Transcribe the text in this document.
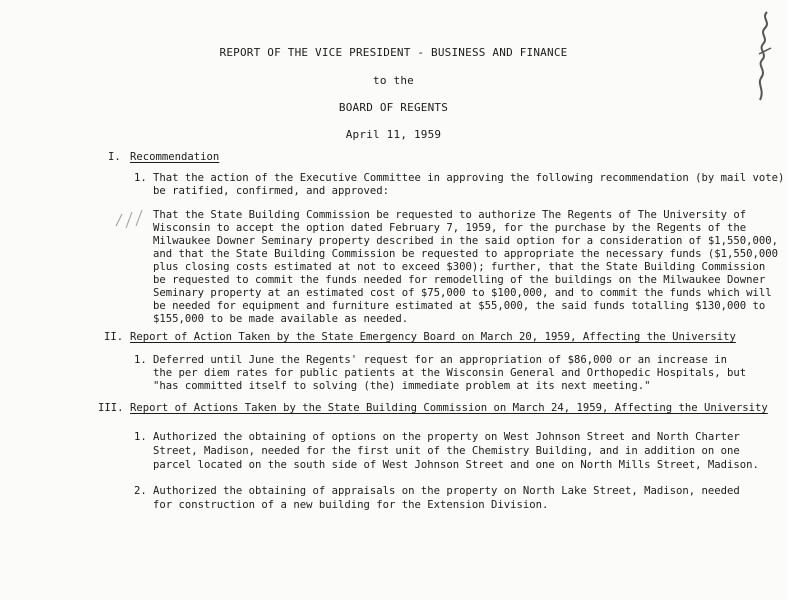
REPORT OF THE VICE PRESIDENT - BUSINESS AND FINANCE
to the
BOARD OF REGENTS
April 11, 1959
I. Recommendation
1. That the action of the Executive Committee in approving the following recommendation (by mail vote)
be ratified, confirmed, and approved:
That the State Building Commission be requested to authorize The Regents of The University of
Wisconsin to accept the option dated February 7, 1959, for the purchase by the Regents of the
Milwaukee Downer Seminary property described in the said option for a consideration of $1,550,000,
and that the State Building Commission be requested to appropriate the necessary funds ($1,550,000
plus closing costs estimated at not to exceed $300); further, that the State Building Commission
be requested to commit the funds needed for remodelling of the buildings on the Milwaukee Downer
Seminary property at an estimated cost of $75,000 to $100,000, and to commit the funds which will
be needed for equipment and furniture estimated at $55,000, the said funds totalling $130,000 to
$155,000 to be made available as needed.
II. Report of Action Taken by the State Emergency Board on March 20, 1959, Affecting the University
1. Deferred until June the Regents' request for an appropriation of $86,000 or an increase in
the per diem rates for public patients at the Wisconsin General and Orthopedic Hospitals, but
"has committed itself to solving (the) immediate problem at its next meeting."
III. Report of Actions Taken by the State Building Commission on March 24, 1959, Affecting the University
1. Authorized the obtaining of options on the property on West Johnson Street and North Charter
Street, Madison, needed for the first unit of the Chemistry Building, and in addition on one
parcel located on the south side of West Johnson Street and one on North Mills Street, Madison.
2. Authorized the obtaining of appraisals on the property on North Lake Street, Madison, needed
for construction of a new building for the Extension Division.
